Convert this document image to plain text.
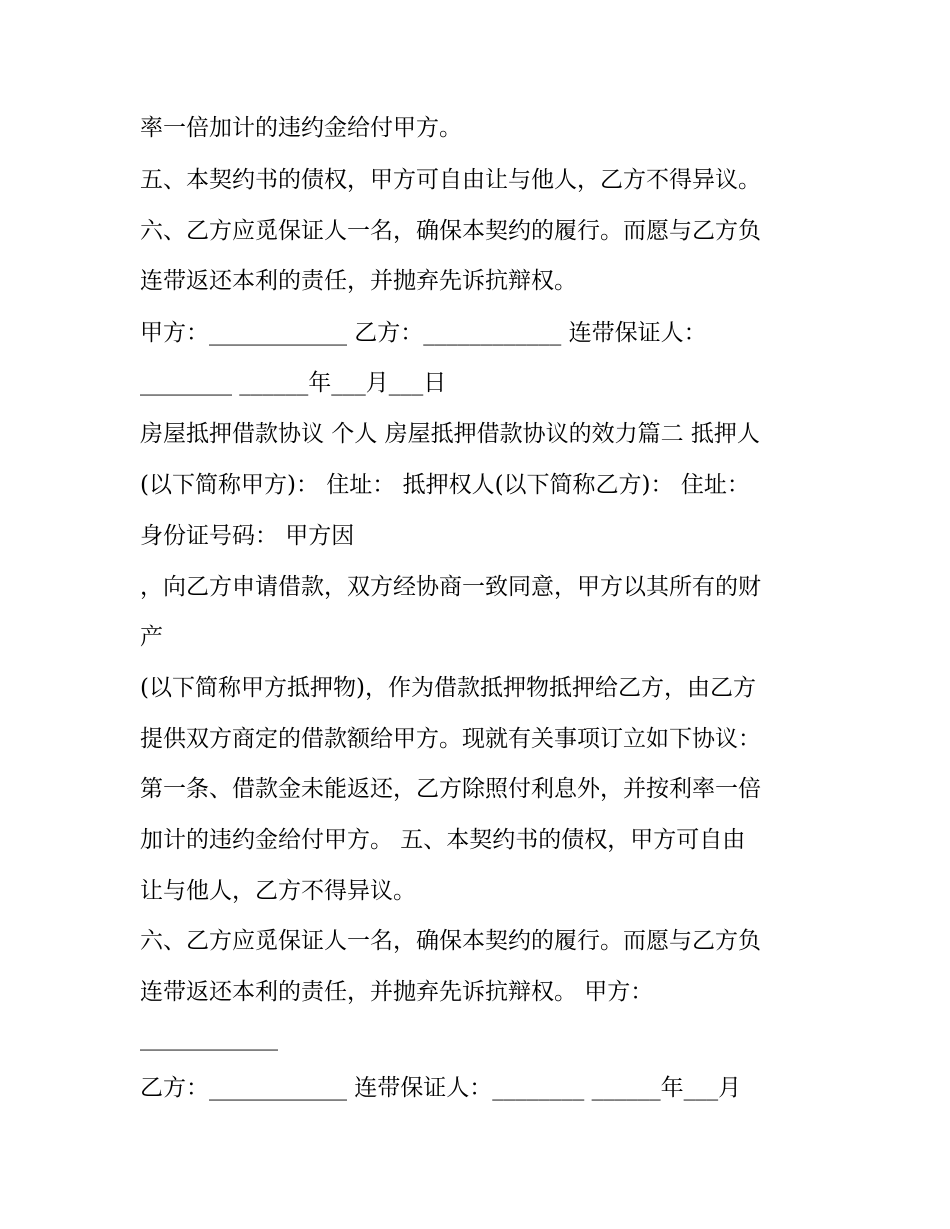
率一倍加计的违约金给付甲方。
五、本契约书的债权，甲方可自由让与他人，乙方不得异议。
六、乙方应觅保证人一名，确保本契约的履行。而愿与乙方负
连带返还本利的责任，并抛弃先诉抗辩权。
甲方：____________ 乙方：____________ 连带保证人：
________ ______年___月___日
房屋抵押借款协议 个人 房屋抵押借款协议的效力篇二 抵押人
(以下简称甲方)： 住址： 抵押权人(以下简称乙方)： 住址：
身份证号码： 甲方因
，向乙方申请借款，双方经协商一致同意，甲方以其所有的财
产
(以下简称甲方抵押物)，作为借款抵押物抵押给乙方，由乙方
提供双方商定的借款额给甲方。现就有关事项订立如下协议：
第一条、借款金未能返还，乙方除照付利息外，并按利率一倍
加计的违约金给付甲方。 五、本契约书的债权，甲方可自由
让与他人，乙方不得异议。
六、乙方应觅保证人一名，确保本契约的履行。而愿与乙方负
连带返还本利的责任，并抛弃先诉抗辩权。 甲方：
____________
乙方：____________ 连带保证人：________ ______年___月
